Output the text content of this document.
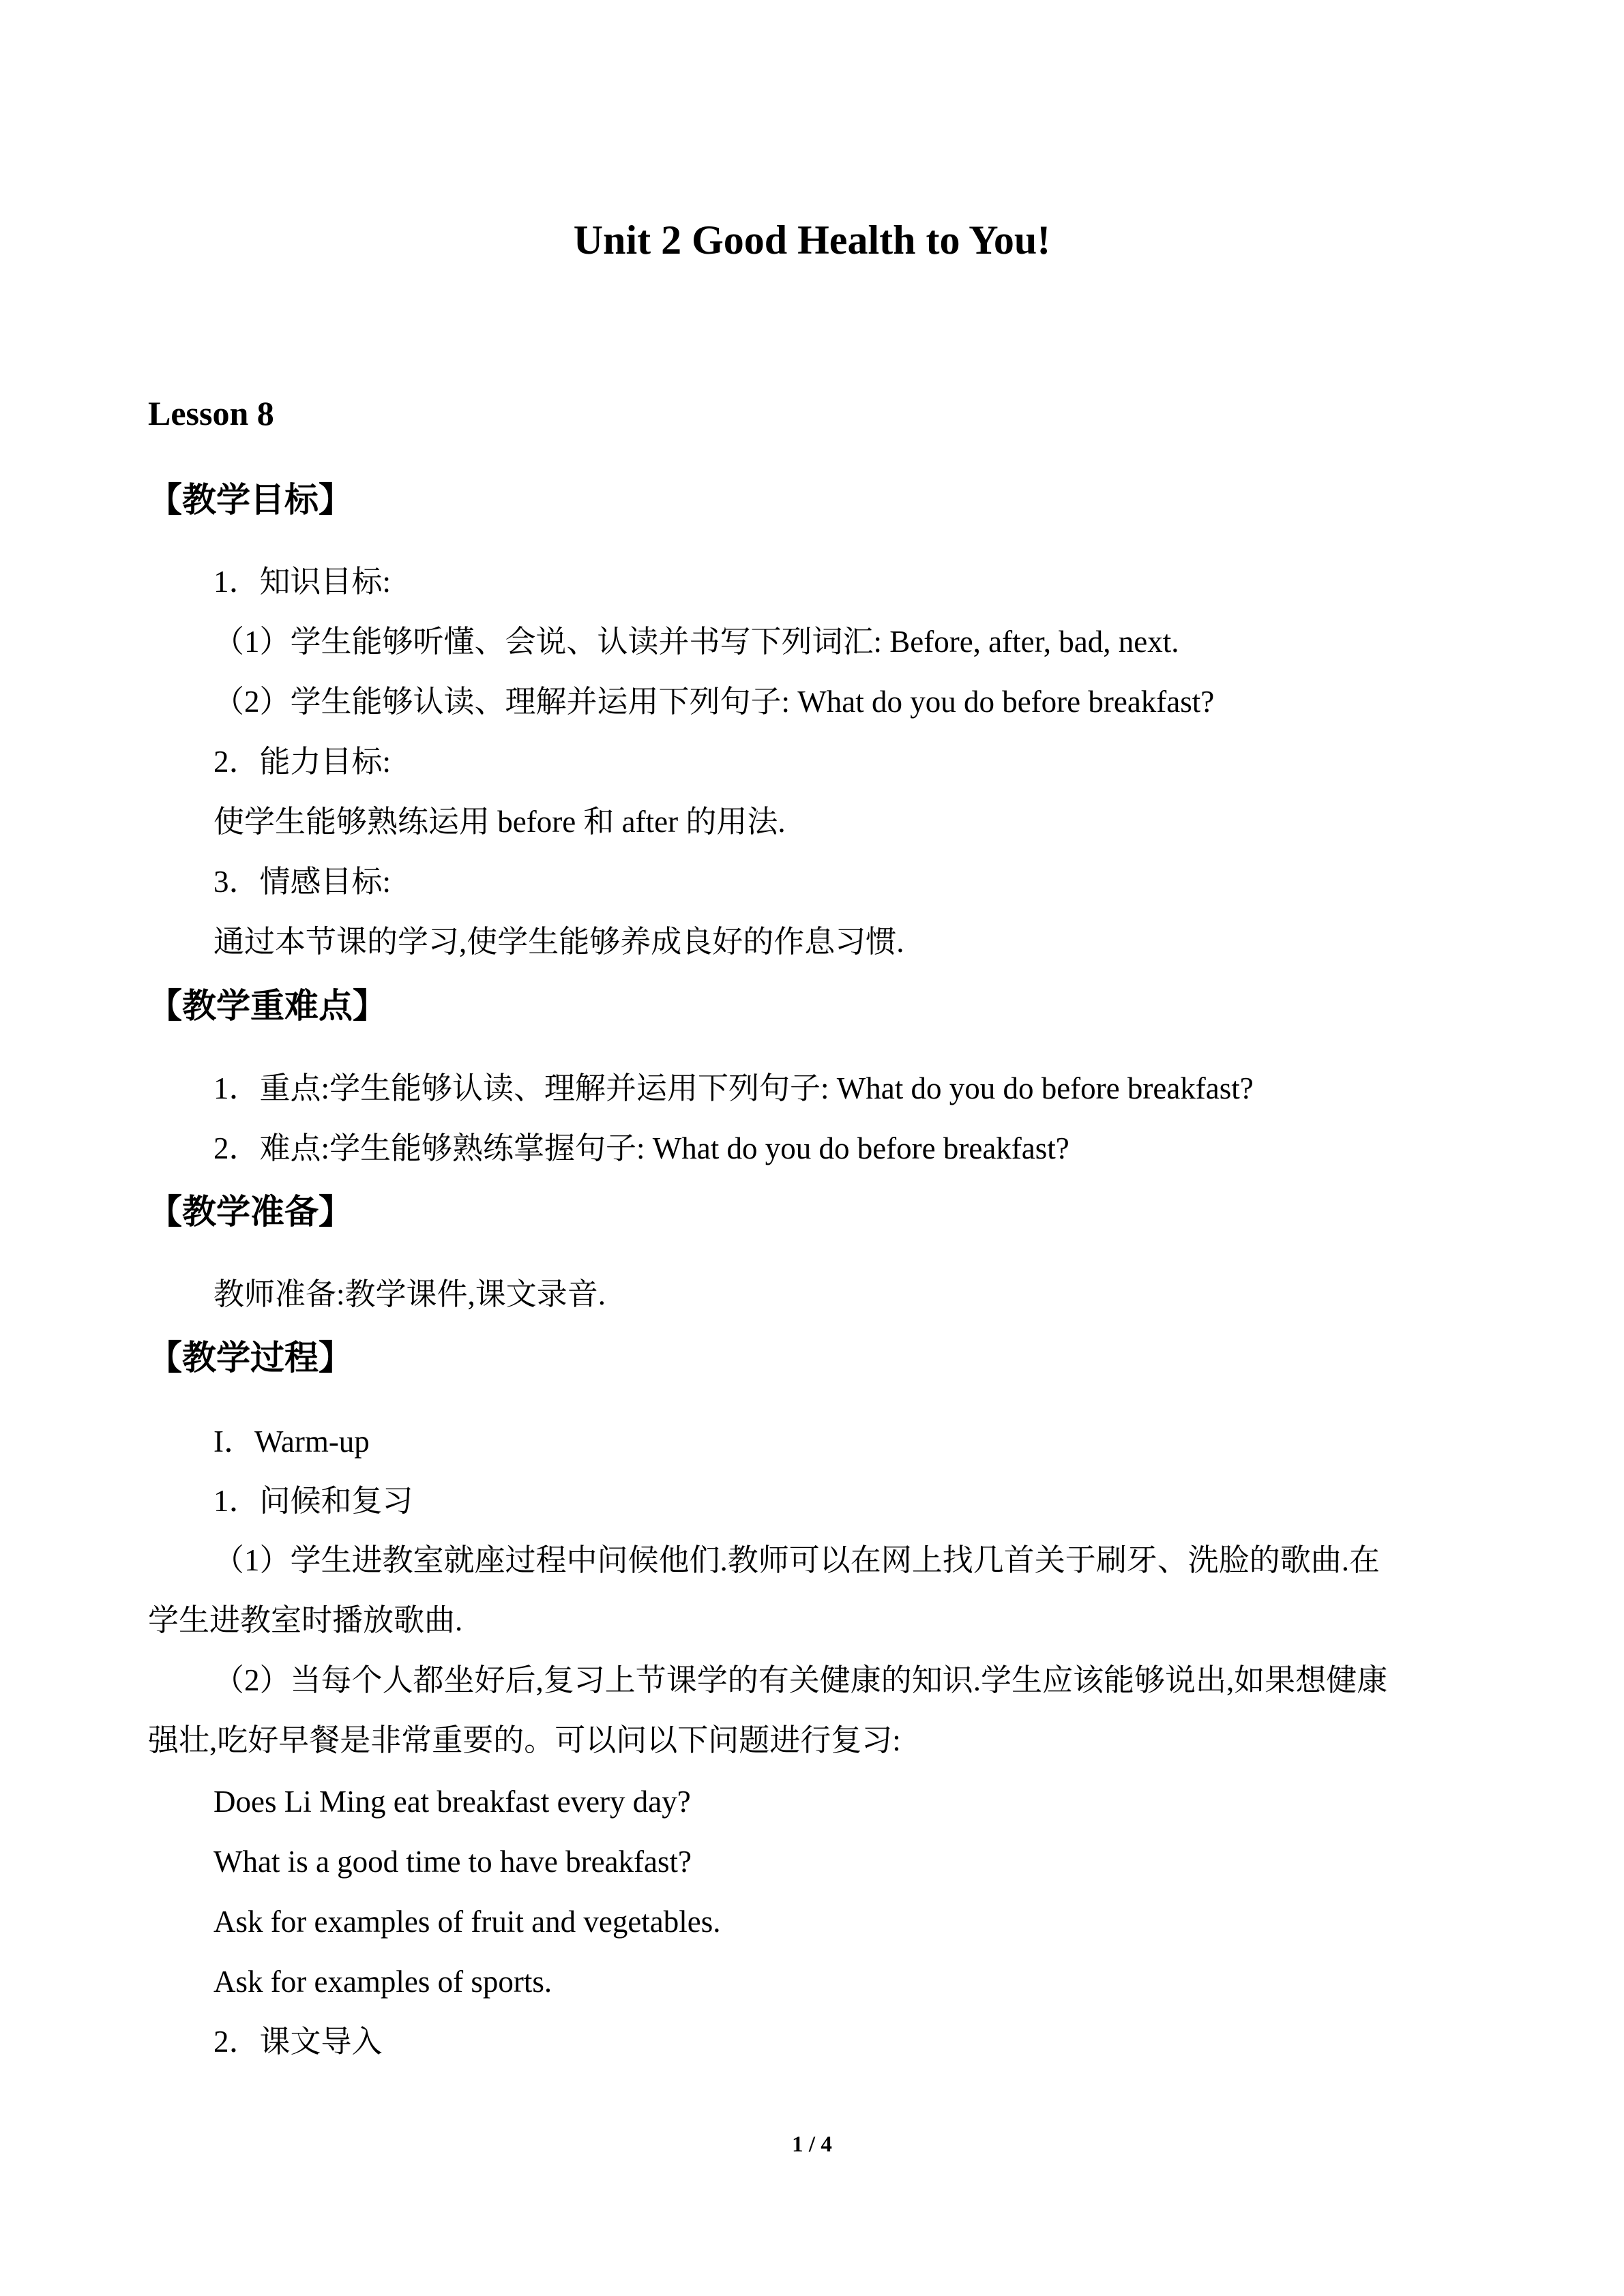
Unit 2 Good Health to You!
Lesson 8
【教学目标】
1．知识目标:
（1）学生能够听懂、会说、认读并书写下列词汇: Before, after, bad, next.
（2）学生能够认读、理解并运用下列句子: What do you do before breakfast?
2．能力目标:
使学生能够熟练运用 before 和 after 的用法.
3．情感目标:
通过本节课的学习,使学生能够养成良好的作息习惯.
【教学重难点】
1．重点:学生能够认读、理解并运用下列句子: What do you do before breakfast?
2．难点:学生能够熟练掌握句子: What do you do before breakfast?
【教学准备】
教师准备:教学课件,课文录音.
【教学过程】
I．Warm-up
1．问候和复习
（1）学生进教室就座过程中问候他们.教师可以在网上找几首关于刷牙、洗脸的歌曲.在
学生进教室时播放歌曲.
（2）当每个人都坐好后,复习上节课学的有关健康的知识.学生应该能够说出,如果想健康
强壮,吃好早餐是非常重要的。可以问以下问题进行复习:
Does Li Ming eat breakfast every day?
What is a good time to have breakfast?
Ask for examples of fruit and vegetables.
Ask for examples of sports.
2．课文导入
1 / 4
